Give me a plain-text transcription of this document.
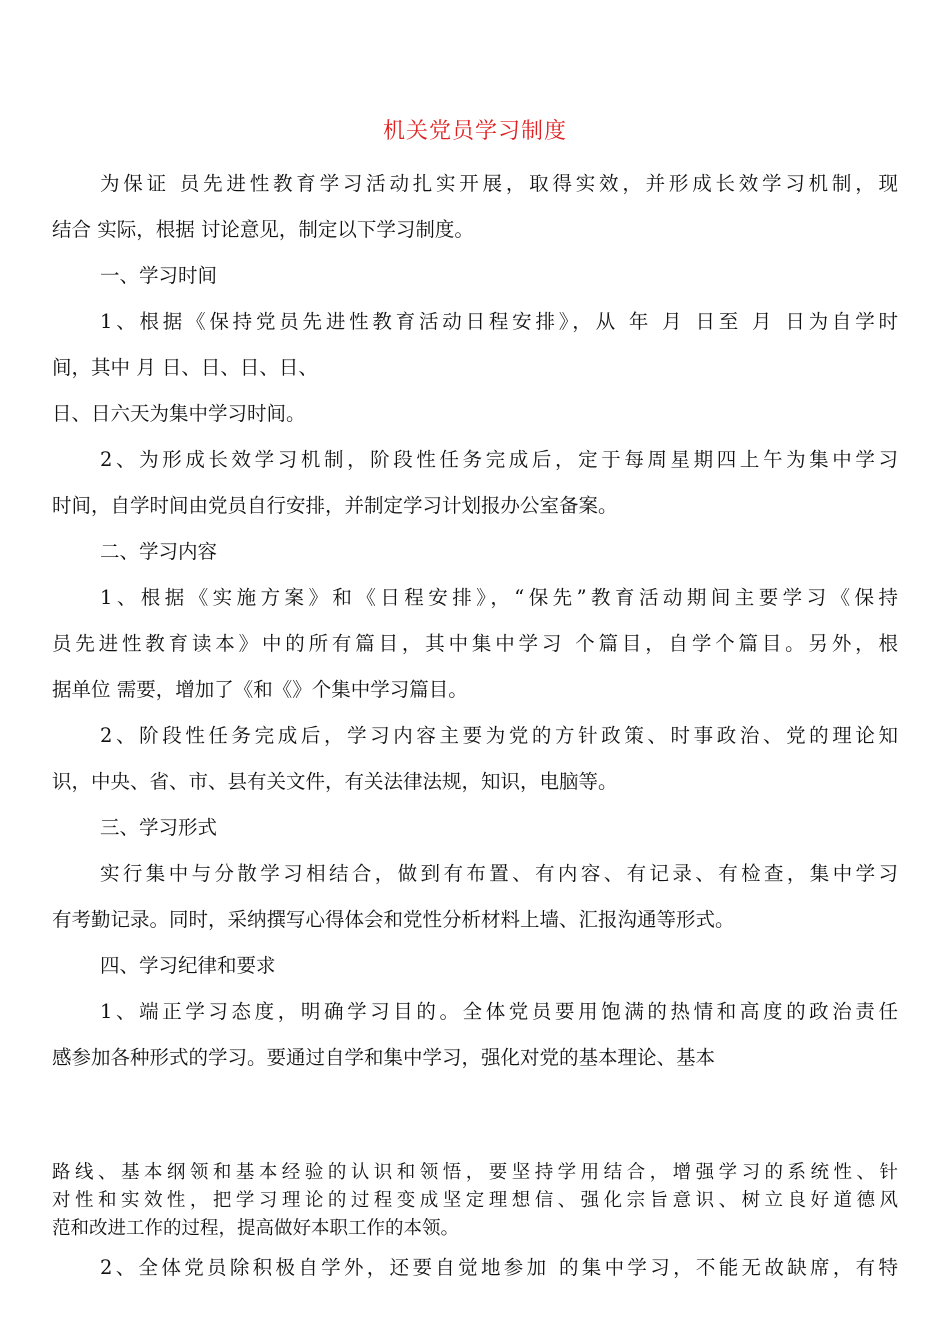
机关党员学习制度
为保证 员先进性教育学习活动扎实开展，取得实效，并形成长效学习机制，现
结合 实际，根据 讨论意见，制定以下学习制度。
一、学习时间
1、根据《保持党员先进性教育活动日程安排》，从 年 月 日至 月 日为自学时
间，其中 月 日、日、日、日、
日、日六天为集中学习时间。
2、为形成长效学习机制，阶段性任务完成后，定于每周星期四上午为集中学习
时间，自学时间由党员自行安排，并制定学习计划报办公室备案。
二、学习内容
1、根据《实施方案》和《日程安排》，“保先”教育活动期间主要学习《保持
员先进性教育读本》中的所有篇目，其中集中学习 个篇目，自学个篇目。另外，根
据单位 需要，增加了《和《》个集中学习篇目。
2、阶段性任务完成后，学习内容主要为党的方针政策、时事政治、党的理论知
识，中央、省、市、县有关文件，有关法律法规，知识，电脑等。
三、学习形式
实行集中与分散学习相结合，做到有布置、有内容、有记录、有检查，集中学习
有考勤记录。同时，采纳撰写心得体会和党性分析材料上墙、汇报沟通等形式。
四、学习纪律和要求
1、端正学习态度，明确学习目的。全体党员要用饱满的热情和高度的政治责任
感参加各种形式的学习。要通过自学和集中学习，强化对党的基本理论、基本
路线、基本纲领和基本经验的认识和领悟，要坚持学用结合，增强学习的系统性、针
对性和实效性，把学习理论的过程变成坚定理想信、强化宗旨意识、树立良好道德风
范和改进工作的过程，提高做好本职工作的本领。
2、全体党员除积极自学外，还要自觉地参加 的集中学习，不能无故缺席，有特
